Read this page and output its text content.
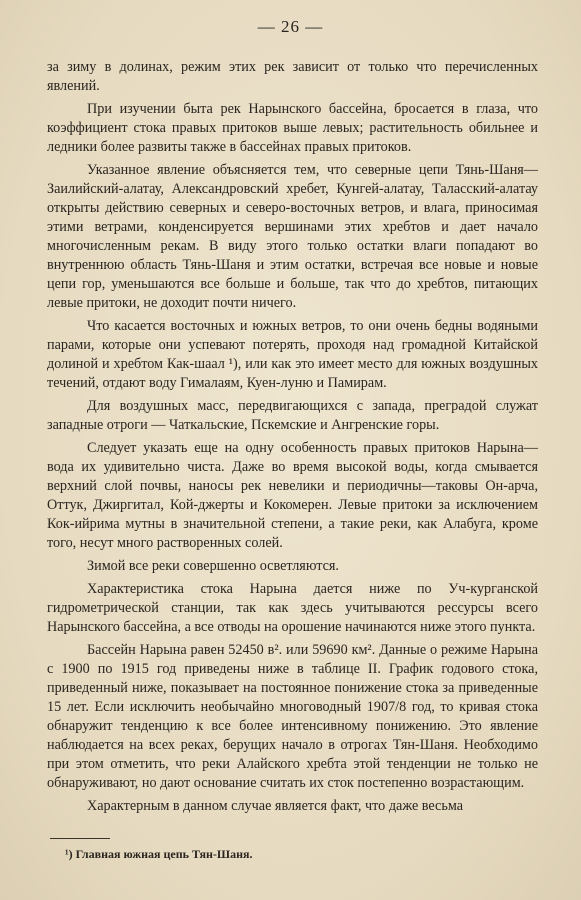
— 26 —

за зиму в долинах, режим этих рек зависит от только что перечисленных явлений.

При изучении быта рек Нарынского бассейна, бросается в глаза, что коэффициент стока правых притоков выше левых; растительность обильнее и ледники более развиты также в бассейнах правых притоков.

Указанное явление объясняется тем, что северные цепи Тянь-Шаня—Заилийский-алатау, Александровский хребет, Кунгей-алатау, Таласский-алатау открыты действию северных и северо-восточных ветров, и влага, приносимая этими ветрами, конденсируется вершинами этих хребтов и дает начало многочисленным рекам. В виду этого только остатки влаги попадают во внутреннюю область Тянь-Шаня и этим остатки, встречая все новые и новые цепи гор, уменьшаются все больше и больше, так что до хребтов, питающих левые притоки, не доходит почти ничего.

Что касается восточных и южных ветров, то они очень бедны водяными парами, которые они успевают потерять, проходя над громадной Китайской долиной и хребтом Как-шаал ¹), или как это имеет место для южных воздушных течений, отдают воду Гималаям, Куен-луню и Памирам.

Для воздушных масс, передвигающихся с запада, преградой служат западные отроги — Чаткальские, Пскемские и Ангренские горы.

Следует указать еще на одну особенность правых притоков Нарына—вода их удивительно чиста. Даже во время высокой воды, когда смывается верхний слой почвы, наносы рек невелики и периодичны—таковы Он-арча, Оттук, Джиргитал, Кой-джерты и Кокомерен. Левые притоки за исключением Кок-ийрима мутны в значительной степени, а такие реки, как Алабуга, кроме того, несут много растворенных солей.

Зимой все реки совершенно осветляются.

Характеристика стока Нарына дается ниже по Уч-курганской гидрометрической станции, так как здесь учитываются рессурсы всего Нарынского бассейна, а все отводы на орошение начинаются ниже этого пункта.

Бассейн Нарына равен 52450 в². или 59690 км². Данные о режиме Нарына с 1900 по 1915 год приведены ниже в таблице II. График годового стока, приведенный ниже, показывает на постоянное понижение стока за приведенные 15 лет. Если исключить необычайно многоводный 1907/8 год, то кривая стока обнаружит тенденцию к все более интенсивному понижению. Это явление наблюдается на всех реках, берущих начало в отрогах Тян-Шаня. Необходимо при этом отметить, что реки Алайского хребта этой тенденции не только не обнаруживают, но дают основание считать их сток постепенно возрастающим.

Характерным в данном случае является факт, что даже весьма

¹) Главная южная цепь Тян-Шаня.
